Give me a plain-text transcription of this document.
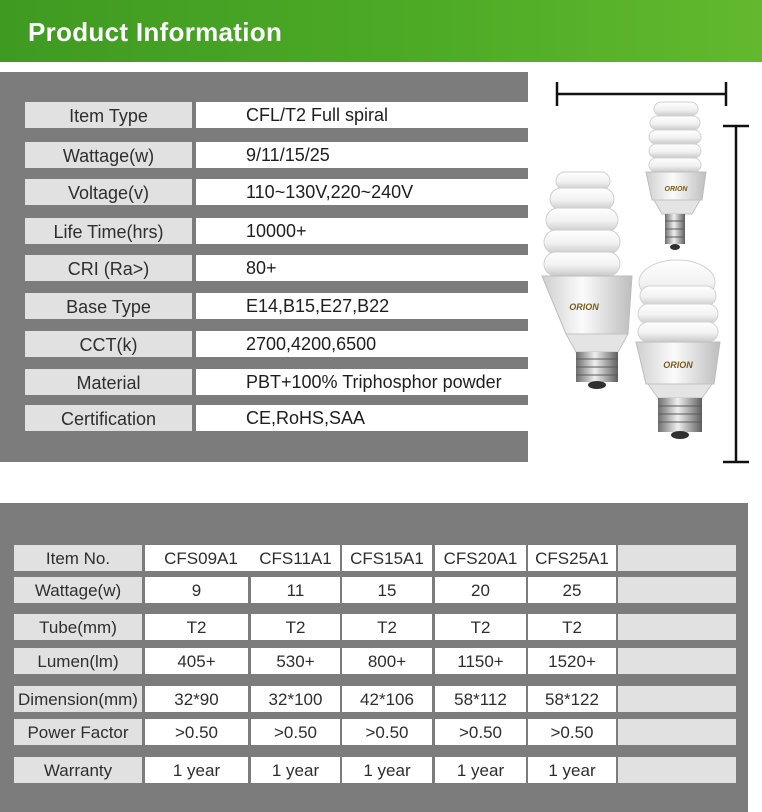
Product Information
Item Type	CFL/T2 Full spiral
Wattage(w)	9/11/15/25
Voltage(v)	110~130V,220~240V
Life Time(hrs)	10000+
CRI (Ra>)	80+
Base Type	E14,B15,E27,B22
CCT(k)	2700,4200,6500
Material	PBT+100% Triphosphor powder
Certification	CE,RoHS,SAA
ORION
ORION
ORION
Item No.	CFS09A1	CFS11A1	CFS15A1	CFS20A1	CFS25A1
Wattage(w)	9	11	15	20	25
Tube(mm)	T2	T2	T2	T2	T2
Lumen(lm)	405+	530+	800+	1150+	1520+
Dimension(mm)	32*90	32*100	42*106	58*112	58*122
Power Factor	>0.50	>0.50	>0.50	>0.50	>0.50
Warranty	1 year	1 year	1 year	1 year	1 year
